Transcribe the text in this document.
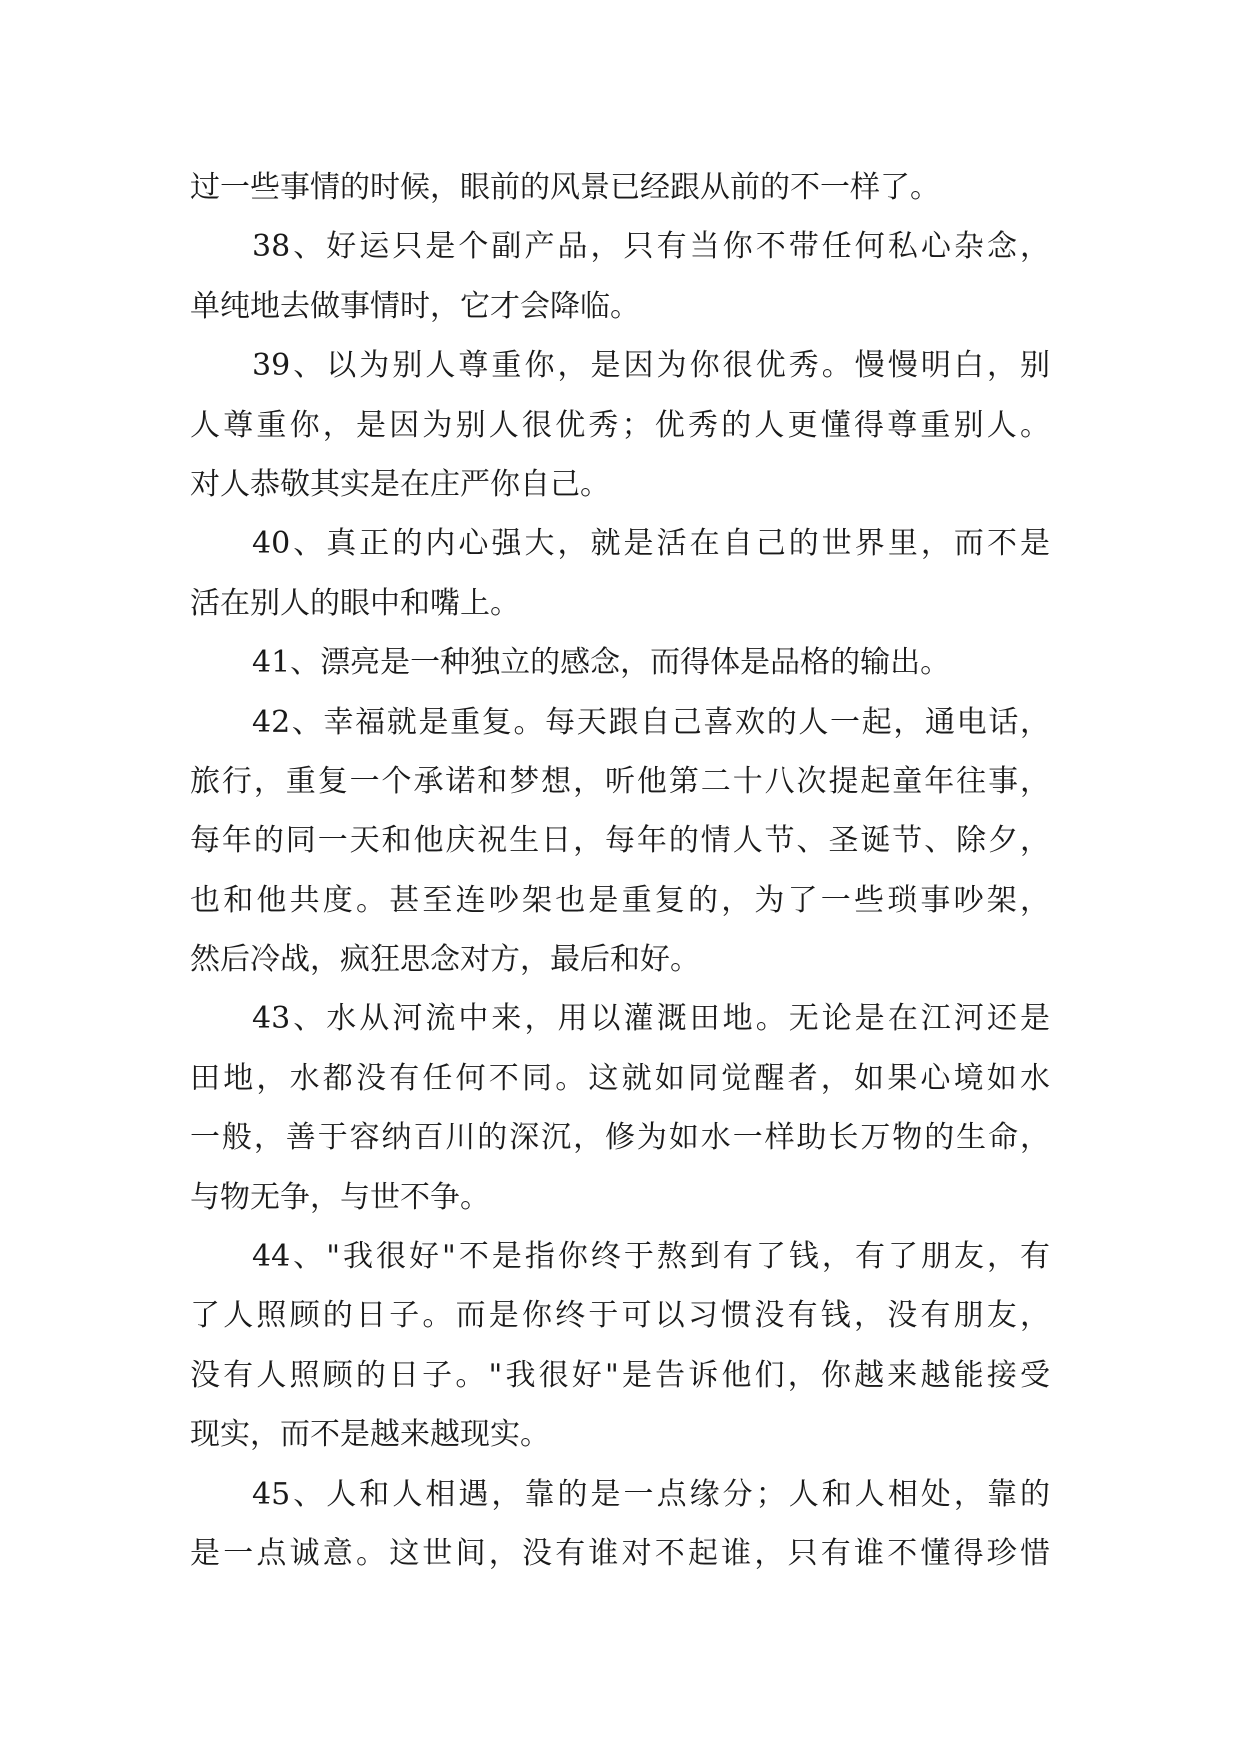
过一些事情的时候，眼前的风景已经跟从前的不一样了。
38、好运只是个副产品，只有当你不带任何私心杂念，
单纯地去做事情时，它才会降临。
39、以为别人尊重你，是因为你很优秀。慢慢明白，别
人尊重你，是因为别人很优秀；优秀的人更懂得尊重别人。
对人恭敬其实是在庄严你自己。
40、真正的内心强大，就是活在自己的世界里，而不是
活在别人的眼中和嘴上。
41、漂亮是一种独立的感念，而得体是品格的输出。
42、幸福就是重复。每天跟自己喜欢的人一起，通电话，
旅行，重复一个承诺和梦想，听他第二十八次提起童年往事，
每年的同一天和他庆祝生日，每年的情人节、圣诞节、除夕，
也和他共度。甚至连吵架也是重复的，为了一些琐事吵架，
然后冷战，疯狂思念对方，最后和好。
43、水从河流中来，用以灌溉田地。无论是在江河还是
田地，水都没有任何不同。这就如同觉醒者，如果心境如水
一般，善于容纳百川的深沉，修为如水一样助长万物的生命，
与物无争，与世不争。
44、"我很好"不是指你终于熬到有了钱，有了朋友，有
了人照顾的日子。而是你终于可以习惯没有钱，没有朋友，
没有人照顾的日子。"我很好"是告诉他们，你越来越能接受
现实，而不是越来越现实。
45、人和人相遇，靠的是一点缘分；人和人相处，靠的
是一点诚意。这世间，没有谁对不起谁，只有谁不懂得珍惜
